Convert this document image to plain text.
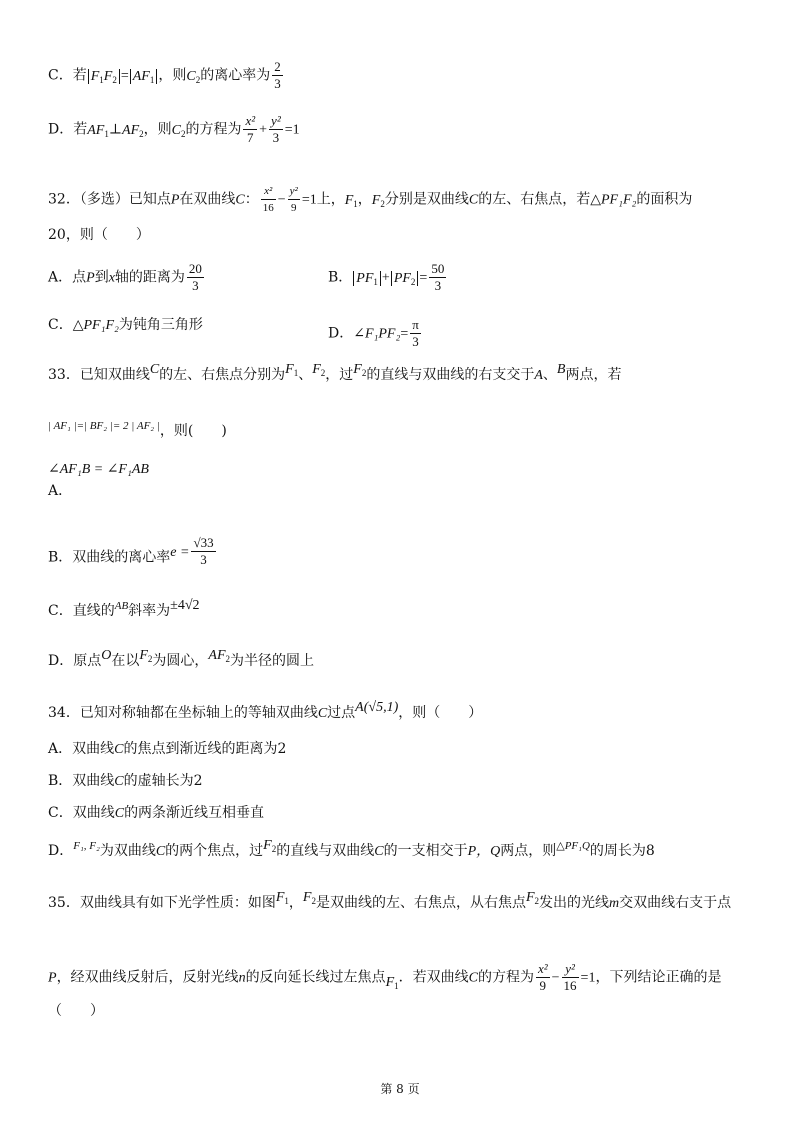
C．若 $F_1F_2 = AF_1$ ，则$C_2$的离心率为 $\frac{2}{3}$
D．若$AF_1\perp AF_2$，则$C_2$的方程为 $\frac{\text{x²}}{7} + \frac{\text{y²}}{3} =1$
32．（多选）已知点P在双曲线C： $\frac{\text{x²}}{16} - \frac{\text{y²}}{9} =1$上，$F_1$，$F_2$分别是双曲线C的左、右焦点，若△PF₁F₂的面积为
20，则（　　）
A．点P到x轴的距离为 $\frac{20}{3}$	B． $PF_1 + PF_2 = \frac{50}{3}$
C．△PF₁F₂为钝角三角形
D．∠F₁PF₂= $\frac{\pi}{3}$
33．已知双曲线C的左、右焦点分别为$F_1$、$F_2$，过$F_2$的直线与双曲线的右支交于A、B两点，若
$^{| AF_1 |=| BF_2 |= 2 | AF_2 |}$，则(　　)
∠AF₁B = ∠F₁AB
A．
B．双曲线的离心率$e = \frac{√33}{3}$
C．直线的$^{AB}$斜率为±4√2
D．原点O在以$F_2$为圆心，$AF_2$为半径的圆上
34．已知对称轴都在坐标轴上的等轴双曲线C过点A(√5,1)，则（　　）
A．双曲线C的焦点到渐近线的距离为2
B．双曲线C的虚轴长为2
C．双曲线C的两条渐近线互相垂直
D．$^{F_1, F_2}$为双曲线C的两个焦点，过$F_2$的直线与双曲线C的一支相交于P，Q两点，则$^{\triangle PF_1Q}$的周长为8
35．双曲线具有如下光学性质：如图$F_1$，$F_2$是双曲线的左、右焦点，从右焦点$F_2$发出的光线m交双曲线右支于点
P，经双曲线反射后，反射光线n的反向延长线过左焦点$F_1$．若双曲线C的方程为 $\frac{\text{x²}}{9} - \frac{\text{y²}}{16} =1$，下列结论正确的是
（　　）
第 8 页
